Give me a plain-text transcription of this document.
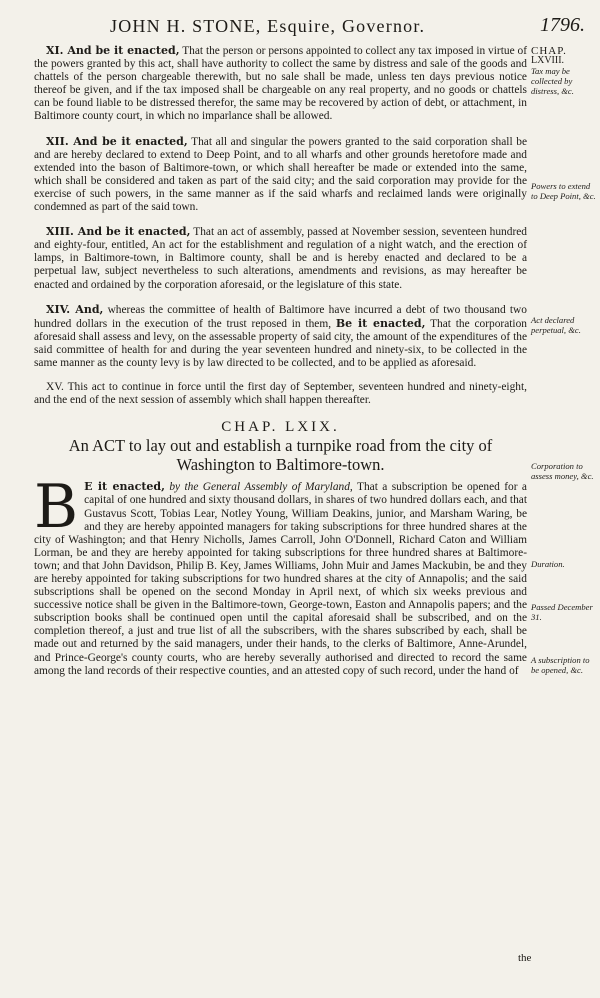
JOHN H. STONE, Esquire, Governor.	1796.

XI. And be it enacted, That the person or persons appointed to collect any tax imposed in virtue of the powers granted by this act, shall have authority to collect the same by distress and sale of the goods and chattels of the person chargeable therewith, but no sale shall be made, unless ten days previous notice thereof be given, and if the tax imposed shall be chargeable on any real property, and no goods or chattels can be found liable to be distressed therefor, the same may be recovered by action of debt, or attachment, in Baltimore county court, in which no imparlance shall be allowed.

XII. And be it enacted, That all and singular the powers granted to the said corporation shall be and are hereby declared to extend to Deep Point, and to all wharfs and other grounds heretofore made and extended into the bason of Baltimore-town, or which shall hereafter be made or extended into the same, which shall be considered and taken as part of the said city; and the said corporation may provide for the exercise of such powers, in the same manner as if the said wharfs and reclaimed lands were originally condemned as part of the said town.

XIII. And be it enacted, That an act of assembly, passed at November session, seventeen hundred and eighty-four, entitled, An act for the establishment and regulation of a night watch, and the erection of lamps, in Baltimore-town, in Baltimore county, shall be and is hereby enacted and declared to be a perpetual law, subject nevertheless to such alterations, amendments and revisions, as may hereafter be enacted and ordained by the corporation aforesaid, or the legislature of this state.

XIV. And, whereas the committee of health of Baltimore have incurred a debt of two thousand two hundred dollars in the execution of the trust reposed in them, Be it enacted, That the corporation aforesaid shall assess and levy, on the assessable property of said city, the amount of the expenditures of the said committee of health for and during the year seventeen hundred and ninety-six, to be collected in the same manner as the county levy is by law directed to be collected, and to be applied as aforesaid.

XV. This act to continue in force until the first day of September, seventeen hundred and ninety-eight, and the end of the next session of assembly which shall happen thereafter.

CHAP. LXIX.
An ACT to lay out and establish a turnpike road from the city of Washington to Baltimore-town.

B E it enacted, by the General Assembly of Maryland, That a subscription be opened for a capital of one hundred and sixty thousand dollars, in shares of two hundred dollars each, and that Gustavus Scott, Tobias Lear, Notley Young, William Deakins, junior, and Marsham Waring, be and they are hereby appointed managers for taking subscriptions for three hundred shares at the city of Washington; and that Henry Nicholls, James Carroll, John O'Donnell, Richard Caton and William Lorman, be and they are hereby appointed for taking subscriptions for three hundred shares at Baltimore-town; and that John Davidson, Philip B. Key, James Williams, John Muir and James Mackubin, be and they are hereby appointed for taking subscriptions for two hundred shares at the city of Annapolis; and the said subscriptions shall be opened on the second Monday in April next, of which six weeks previous and successive notice shall be given in the Baltimore-town, George-town, Easton and Annapolis papers; and the subscription books shall be continued open until the capital aforesaid shall be subscribed, and on the completion thereof, a just and true list of all the subscribers, with the shares subscribed by each, shall be made out and returned by the said managers, under their hands, to the clerks of Baltimore, Anne-Arundel, and Prince-George's county courts, who are hereby severally authorised and directed to record the same among the land records of their respective counties, and an attested copy of such record, under the hand of

CHAP.
LXVIII.
Tax may be collected by distress, &c.
Powers to extend to Deep Point, &c.
Act declared perpetual, &c.
Corporation to assess money, &c.
Duration.
Passed December 31.
A subscription to be opened, &c.
the
